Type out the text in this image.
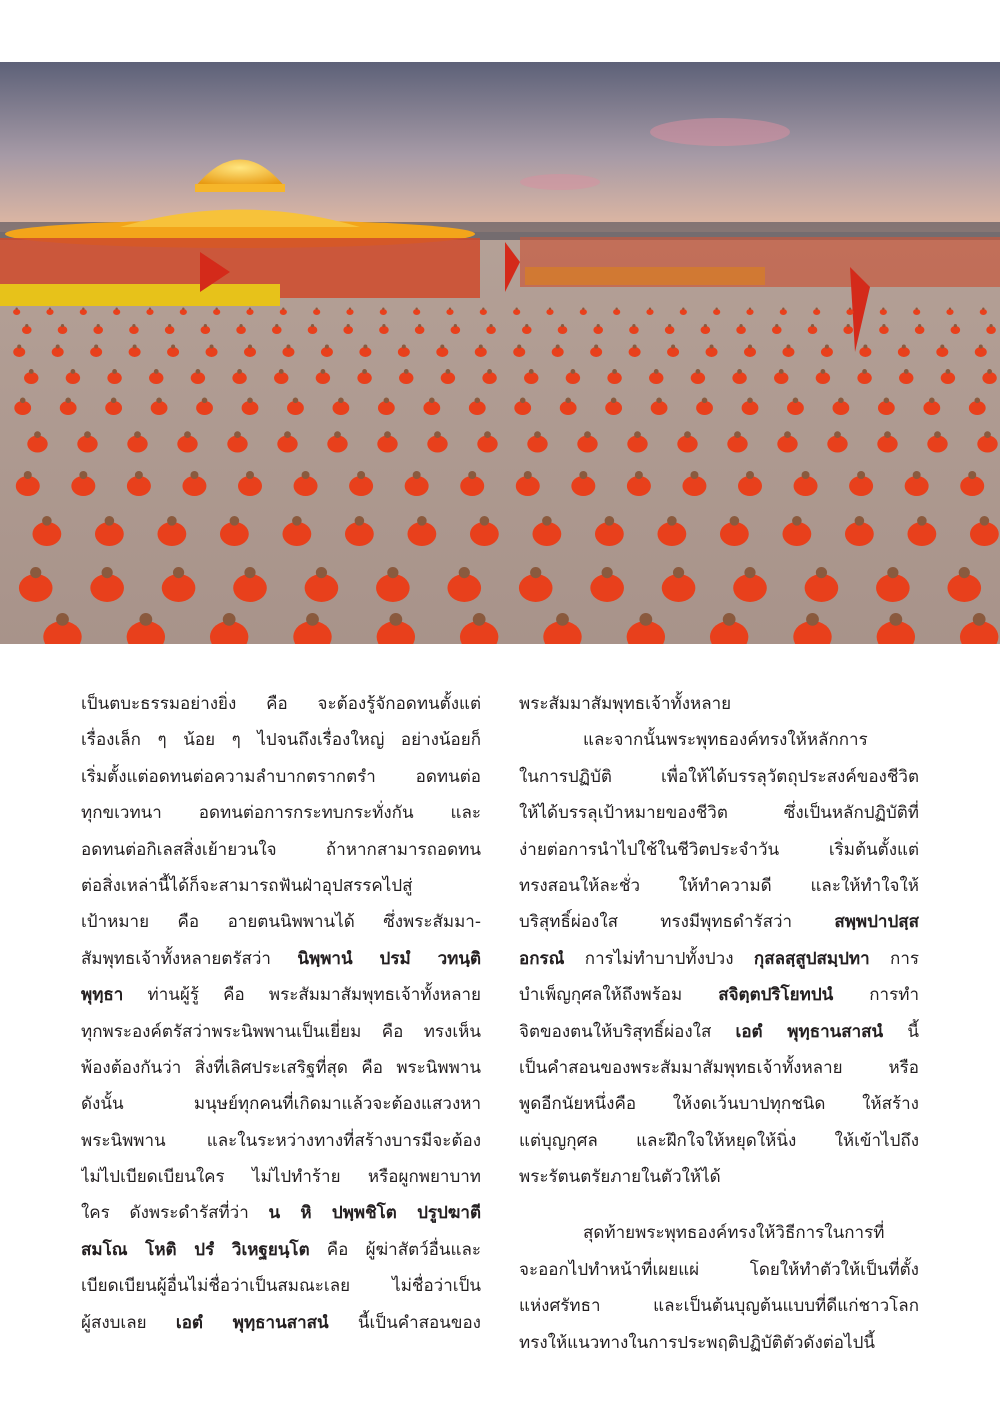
เป็นตบะธรรมอย่างยิ่ง คือ จะต้องรู้จักอดทนตั้งแต่
เรื่องเล็ก ๆ น้อย ๆ ไปจนถึงเรื่องใหญ่ อย่างน้อยก็
เริ่มตั้งแต่อดทนต่อความลำบากตรากตรำ อดทนต่อ
ทุกขเวทนา อดทนต่อการกระทบกระทั่งกัน และ
อดทนต่อกิเลสสิ่งเย้ายวนใจ ถ้าหากสามารถอดทน
ต่อสิ่งเหล่านี้ได้ก็จะสามารถฟันฝ่าอุปสรรคไปสู่
เป้าหมาย คือ อายตนนิพพานได้ ซึ่งพระสัมมา-
สัมพุทธเจ้าทั้งหลายตรัสว่า นิพฺพานํ ปรมํ วทนฺติ
พุทฺธา ท่านผู้รู้ คือ พระสัมมาสัมพุทธเจ้าทั้งหลาย
ทุกพระองค์ตรัสว่าพระนิพพานเป็นเยี่ยม คือ ทรงเห็น
พ้องต้องกันว่า สิ่งที่เลิศประเสริฐที่สุด คือ พระนิพพาน
ดังนั้น มนุษย์ทุกคนที่เกิดมาแล้วจะต้องแสวงหา
พระนิพพาน และในระหว่างทางที่สร้างบารมีจะต้อง
ไม่ไปเบียดเบียนใคร ไม่ไปทำร้าย หรือผูกพยาบาท
ใคร ดังพระดำรัสที่ว่า น หิ ปพฺพชิโต ปรูปฆาตี
สมโณ โหติ ปรํ วิเหฐยนฺโต คือ ผู้ฆ่าสัตว์อื่นและ
เบียดเบียนผู้อื่นไม่ชื่อว่าเป็นสมณะเลย ไม่ชื่อว่าเป็น
ผู้สงบเลย เอตํ พุทฺธานสาสนํ นี้เป็นคำสอนของ
พระสัมมาสัมพุทธเจ้าทั้งหลาย
และจากนั้นพระพุทธองค์ทรงให้หลักการ
ในการปฏิบัติ เพื่อให้ได้บรรลุวัตถุประสงค์ของชีวิต
ให้ได้บรรลุเป้าหมายของชีวิต ซึ่งเป็นหลักปฏิบัติที่
ง่ายต่อการนำไปใช้ในชีวิตประจำวัน เริ่มต้นตั้งแต่
ทรงสอนให้ละชั่ว ให้ทำความดี และให้ทำใจให้
บริสุทธิ์ผ่องใส ทรงมีพุทธดำรัสว่า สพฺพปาปสฺส
อกรณํ การไม่ทำบาปทั้งปวง กุสลสฺสูปสมฺปทา การ
บำเพ็ญกุศลให้ถึงพร้อม สจิตฺตปริโยทปนํ การทำ
จิตของตนให้บริสุทธิ์ผ่องใส เอตํ พุทฺธานสาสนํ นี้
เป็นคำสอนของพระสัมมาสัมพุทธเจ้าทั้งหลาย หรือ
พูดอีกนัยหนึ่งคือ ให้งดเว้นบาปทุกชนิด ให้สร้าง
แต่บุญกุศล และฝึกใจให้หยุดให้นิ่ง ให้เข้าไปถึง
พระรัตนตรัยภายในตัวให้ได้
สุดท้ายพระพุทธองค์ทรงให้วิธีการในการที่
จะออกไปทำหน้าที่เผยแผ่ โดยให้ทำตัวให้เป็นที่ตั้ง
แห่งศรัทธา และเป็นต้นบุญต้นแบบที่ดีแก่ชาวโลก
ทรงให้แนวทางในการประพฤติปฏิบัติตัวดังต่อไปนี้
